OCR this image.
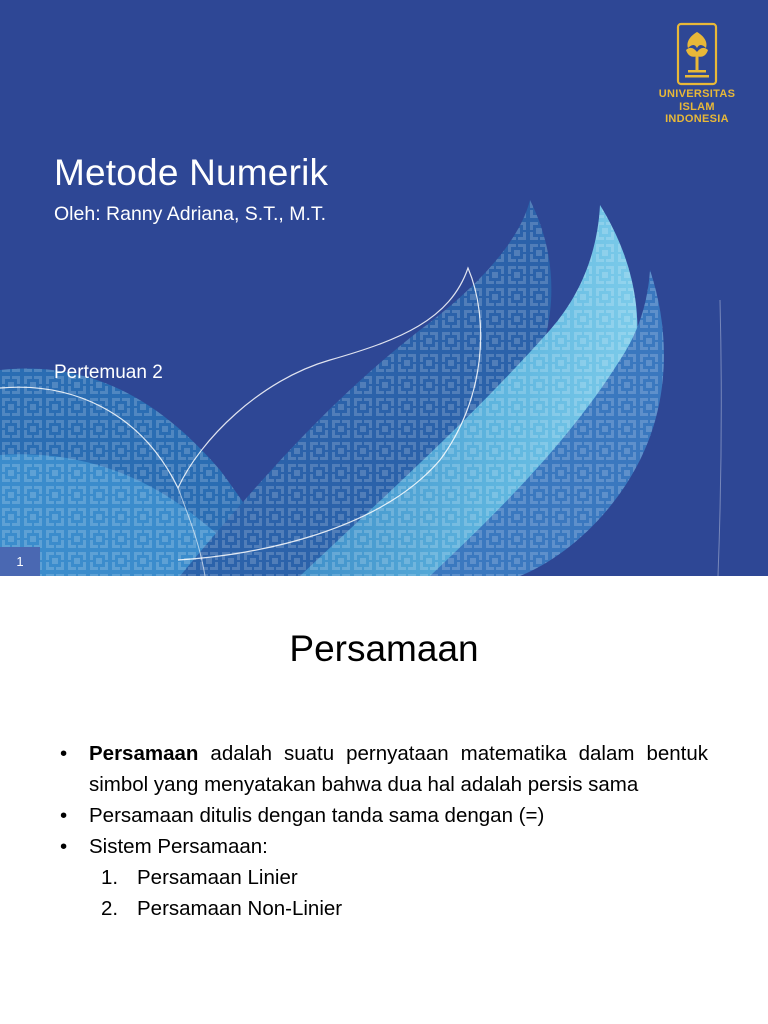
Metode Numerik
Oleh: Ranny Adriana, S.T., M.T.
Pertemuan 2
1
UNIVERSITAS
ISLAM
INDONESIA
Persamaan
• Persamaan adalah suatu pernyataan matematika dalam bentuk simbol yang menyatakan bahwa dua hal adalah persis sama
• Persamaan ditulis dengan tanda sama dengan (=)
• Sistem Persamaan:
1. Persamaan Linier
2. Persamaan Non-Linier
